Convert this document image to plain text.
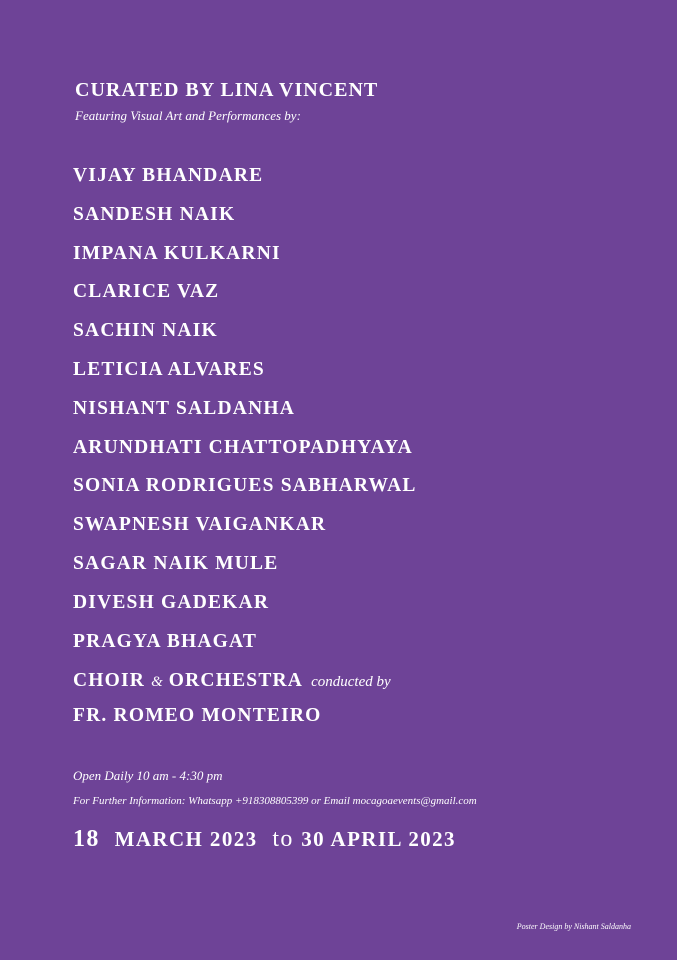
CURATED BY LINA VINCENT

Featuring Visual Art and Performances by:

VIJAY BHANDARE
SANDESH NAIK
IMPANA KULKARNI
CLARICE VAZ
SACHIN NAIK
LETICIA ALVARES
NISHANT SALDANHA
ARUNDHATI CHATTOPADHYAYA
SONIA RODRIGUES SABHARWAL
SWAPNESH VAIGANKAR
SAGAR NAIK MULE
DIVESH GADEKAR
PRAGYA BHAGAT
CHOIR & ORCHESTRA conducted by
FR. ROMEO MONTEIRO
Open Daily 10 am - 4:30 pm
For Further Information: Whatsapp +918308805399 or Email mocagoaevents@gmail.com
18 MARCH 2023 to 30 APRIL 2023
Poster Design by Nishant Saldanha
